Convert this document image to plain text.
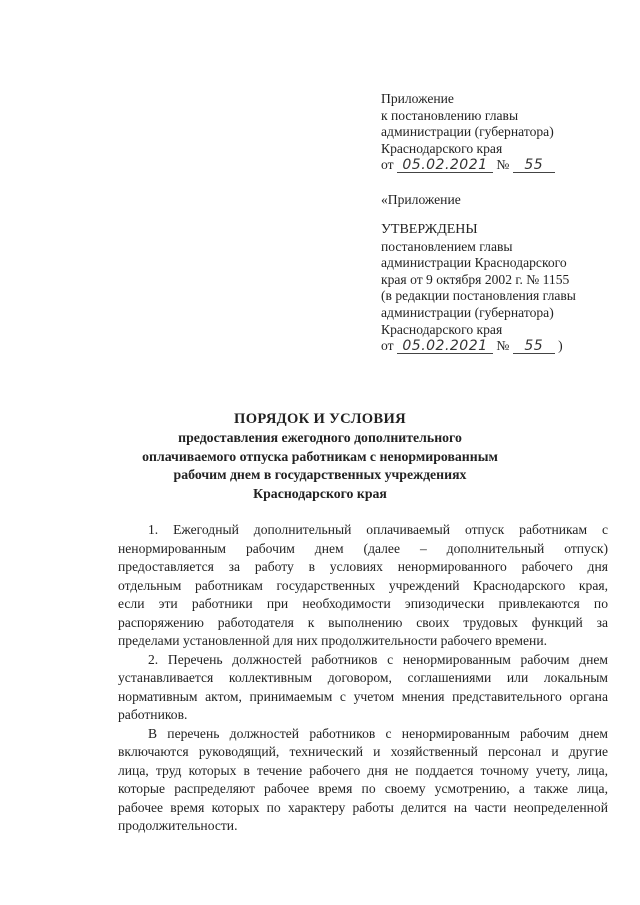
Приложение
к постановлению главы
администрации (губернатора)
Краснодарского края
от 05.02.2021 № 55
«Приложение
УТВЕРЖДЕНЫ
постановлением главы
администрации Краснодарского
края от 9 октября 2002 г. № 1155
(в редакции постановления главы
администрации (губернатора)
Краснодарского края
от 05.02.2021 № 55 )
ПОРЯДОК И УСЛОВИЯ
предоставления ежегодного дополнительного
оплачиваемого отпуска работникам с ненормированным
рабочим днем в государственных учреждениях
Краснодарского края

1. Ежегодный дополнительный оплачиваемый отпуск работникам с
ненормированным рабочим днем (далее – дополнительный отпуск)
предоставляется за работу в условиях ненормированного рабочего дня
отдельным работникам государственных учреждений Краснодарского края,
если эти работники при необходимости эпизодически привлекаются по
распоряжению работодателя к выполнению своих трудовых функций за
пределами установленной для них продолжительности рабочего времени.

2. Перечень должностей работников с ненормированным рабочим днем
устанавливается коллективным договором, соглашениями или локальным
нормативным актом, принимаемым с учетом мнения представительного органа
работников.

В перечень должностей работников с ненормированным рабочим днем
включаются руководящий, технический и хозяйственный персонал и другие
лица, труд которых в течение рабочего дня не поддается точному учету, лица,
которые распределяют рабочее время по своему усмотрению, а также лица,
рабочее время которых по характеру работы делится на части неопределенной
продолжительности.
